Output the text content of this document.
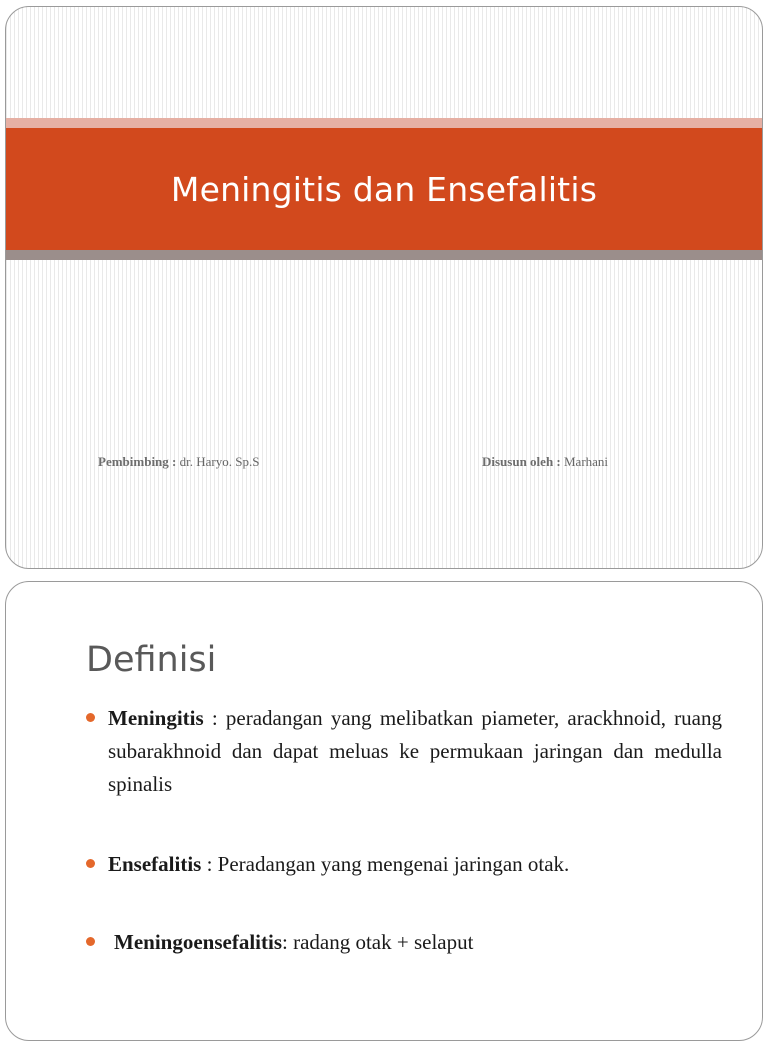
Meningitis dan Ensefalitis
Pembimbing : dr. Haryo. Sp.S	Disusun oleh : Marhani
Definisi
Meningitis : peradangan yang melibatkan piameter, arackhnoid, ruang subarakhnoid dan dapat meluas ke permukaan jaringan dan medulla spinalis
Ensefalitis : Peradangan yang mengenai jaringan otak.
Meningoensefalitis: radang otak + selaput
